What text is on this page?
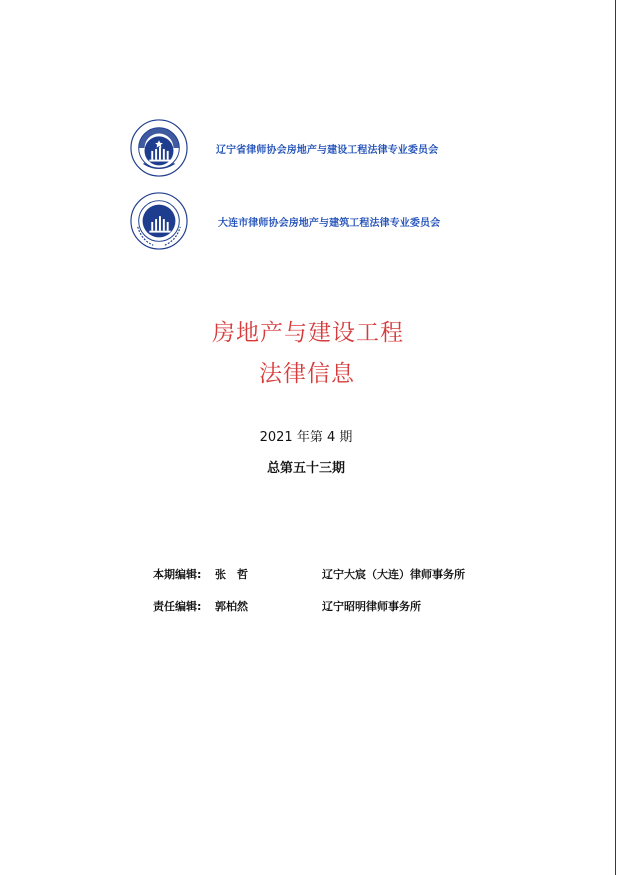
辽宁省律师协会房地产与建设工程法律专业委员会
大连市律师协会房地产与建筑工程法律专业委员会
房地产与建设工程
法律信息
2021 年第 4 期
总第五十三期
本期编辑:	张　哲	辽宁大宸（大连）律师事务所
责任编辑:	郭柏然	辽宁昭明律师事务所
